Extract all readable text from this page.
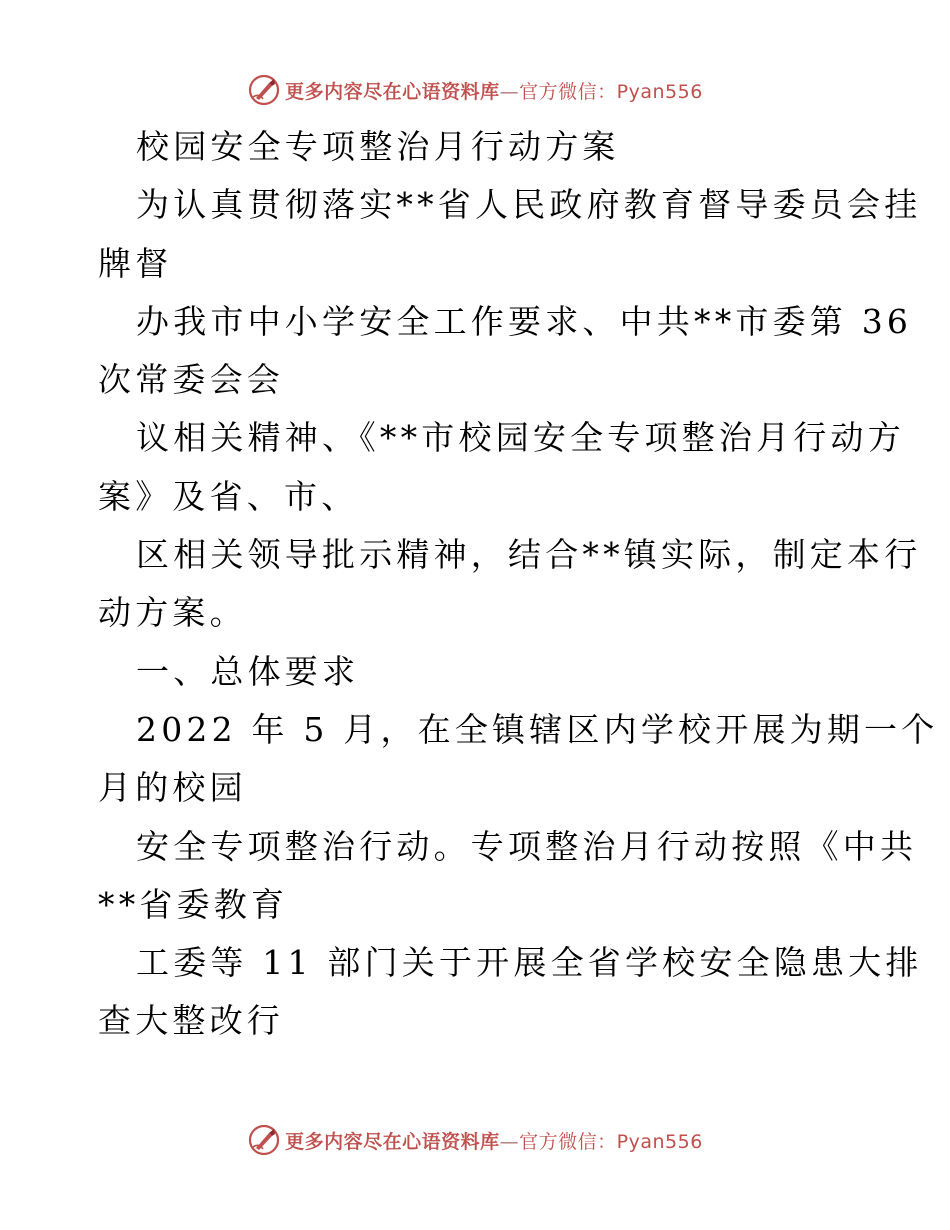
更多内容尽在心语资料库—官方微信：Pyan556
校园安全专项整治月行动方案
为认真贯彻落实**省人民政府教育督导委员会挂
牌督
办我市中小学安全工作要求、中共**市委第 36
次常委会会
议相关精神、《**市校园安全专项整治月行动方
案》及省、市、
区相关领导批示精神，结合**镇实际，制定本行
动方案。
一、总体要求
2022 年 5 月，在全镇辖区内学校开展为期一个
月的校园
安全专项整治行动。专项整治月行动按照《中共
**省委教育
工委等 11 部门关于开展全省学校安全隐患大排
查大整改行
更多内容尽在心语资料库—官方微信：Pyan556
